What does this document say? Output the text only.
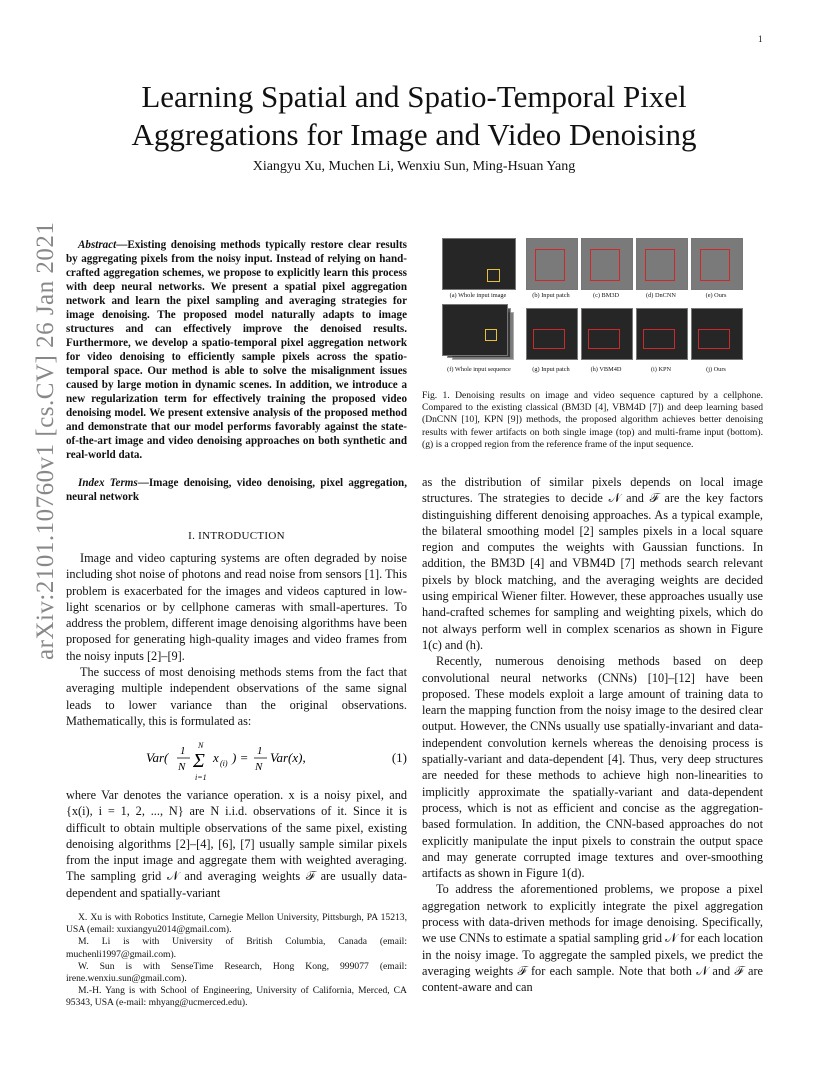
1
arXiv:2101.10760v1 [cs.CV] 26 Jan 2021
Learning Spatial and Spatio-Temporal Pixel
Aggregations for Image and Video Denoising
Xiangyu Xu, Muchen Li, Wenxiu Sun, Ming-Hsuan Yang
Abstract—Existing denoising methods typically restore clear results by aggregating pixels from the noisy input. Instead of relying on hand-crafted aggregation schemes, we propose to explicitly learn this process with deep neural networks. We present a spatial pixel aggregation network and learn the pixel sampling and averaging strategies for image denoising. The proposed model naturally adapts to image structures and can effectively improve the denoised results. Furthermore, we develop a spatio-temporal pixel aggregation network for video denoising to efficiently sample pixels across the spatio-temporal space. Our method is able to solve the misalignment issues caused by large motion in dynamic scenes. In addition, we introduce a new regularization term for effectively training the proposed video denoising model. We present extensive analysis of the proposed method and demonstrate that our model performs favorably against the state-of-the-art image and video denoising approaches on both synthetic and real-world data.
Index Terms—Image denoising, video denoising, pixel aggregation, neural network
I. INTRODUCTION

Image and video capturing systems are often degraded by noise including shot noise of photons and read noise from sensors [1]. This problem is exacerbated for the images and videos captured in low-light scenarios or by cellphone cameras with small-apertures. To address the problem, different image denoising algorithms have been proposed for generating high-quality images and video frames from the noisy inputs [2]–[9].

The success of most denoising methods stems from the fact that averaging multiple independent observations of the same signal leads to lower variance than the original observations. Mathematically, this is formulated as:

Var( 1
N Σ
N
i=1
x (i) ) = 1
N
Var(x),	(1)

where Var denotes the variance operation. x is a noisy pixel, and {x(i), i = 1, 2, ..., N} are N i.i.d. observations of it. Since it is difficult to obtain multiple observations of the same pixel, existing denoising algorithms [2]–[4], [6], [7] usually sample similar pixels from the input image and aggregate them with weighted averaging. The sampling grid 𝒩 and averaging weights ℱ are usually data-dependent and spatially-variant

X. Xu is with Robotics Institute, Carnegie Mellon University, Pittsburgh, PA 15213, USA (email: xuxiangyu2014@gmail.com).

M. Li is with University of British Columbia, Canada (email: muchenli1997@gmail.com).

W. Sun is with SenseTime Research, Hong Kong, 999077 (email: irene.wenxiu.sun@gmail.com).

M.-H. Yang is with School of Engineering, University of California, Merced, CA 95343, USA (e-mail: mhyang@ucmerced.edu).

(a) Whole input image	(b) Input patch	(c) BM3D	(d) DnCNN	(e) Ours
(f) Whole input sequence	(g) Input patch	(h) VBM4D	(i) KPN	(j) Ours
Fig. 1. Denoising results on image and video sequence captured by a cellphone. Compared to the existing classical (BM3D [4], VBM4D [7]) and deep learning based (DnCNN [10], KPN [9]) methods, the proposed algorithm achieves better denoising results with fewer artifacts on both single image (top) and multi-frame input (bottom). (g) is a cropped region from the reference frame of the input sequence.

as the distribution of similar pixels depends on local image structures. The strategies to decide 𝒩 and ℱ are the key factors distinguishing different denoising approaches. As a typical example, the bilateral smoothing model [2] samples pixels in a local square region and computes the weights with Gaussian functions. In addition, the BM3D [4] and VBM4D [7] methods search relevant pixels by block matching, and the averaging weights are decided using empirical Wiener filter. However, these approaches usually use hand-crafted schemes for sampling and weighting pixels, which do not always perform well in complex scenarios as shown in Figure 1(c) and (h).

Recently, numerous denoising methods based on deep convolutional neural networks (CNNs) [10]–[12] have been proposed. These models exploit a large amount of training data to learn the mapping function from the noisy image to the desired clear output. However, the CNNs usually use spatially-invariant and data-independent convolution kernels whereas the denoising process is spatially-variant and data-dependent [4]. Thus, very deep structures are needed for these methods to achieve high non-linearities to implicitly approximate the spatially-variant and data-dependent process, which is not as efficient and concise as the aggregation-based formulation. In addition, the CNN-based approaches do not explicitly manipulate the input pixels to constrain the output space and may generate corrupted image textures and over-smoothing artifacts as shown in Figure 1(d).

To address the aforementioned problems, we propose a pixel aggregation network to explicitly integrate the pixel aggregation process with data-driven methods for image denoising. Specifically, we use CNNs to estimate a spatial sampling grid 𝒩 for each location in the noisy image. To aggregate the sampled pixels, we predict the averaging weights ℱ for each sample. Note that both 𝒩 and ℱ are content-aware and can
